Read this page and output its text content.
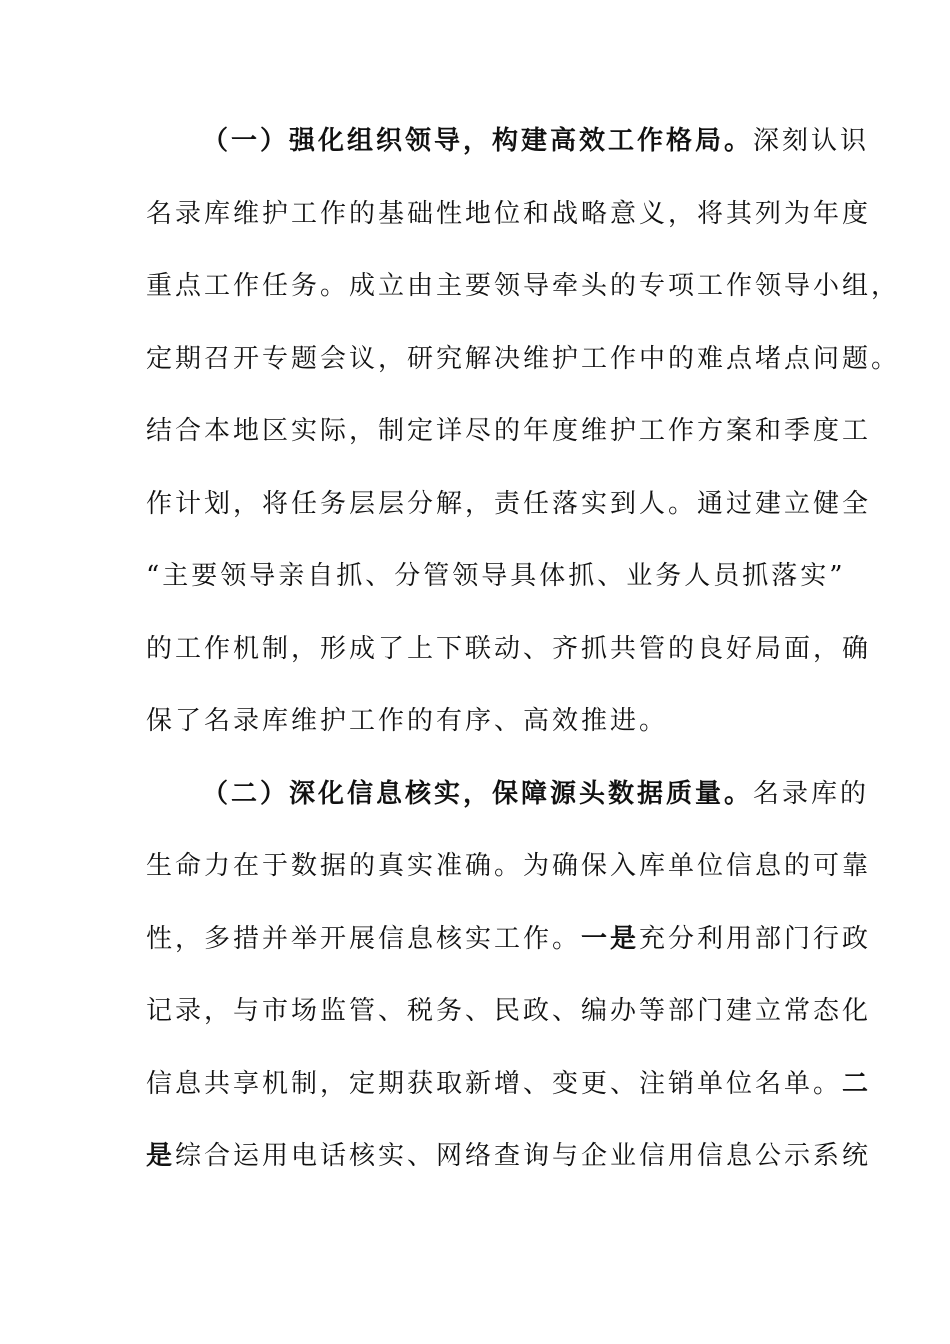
（一）强化组织领导，构建高效工作格局。深刻认识
名录库维护工作的基础性地位和战略意义，将其列为年度
重点工作任务。成立由主要领导牵头的专项工作领导小组，
定期召开专题会议，研究解决维护工作中的难点堵点问题。
结合本地区实际，制定详尽的年度维护工作方案和季度工
作计划，将任务层层分解，责任落实到人。通过建立健全
“主要领导亲自抓、分管领导具体抓、业务人员抓落实”
的工作机制，形成了上下联动、齐抓共管的良好局面，确
保了名录库维护工作的有序、高效推进。
（二）深化信息核实，保障源头数据质量。名录库的
生命力在于数据的真实准确。为确保入库单位信息的可靠
性，多措并举开展信息核实工作。一是充分利用部门行政
记录，与市场监管、税务、民政、编办等部门建立常态化
信息共享机制，定期获取新增、变更、注销单位名单。二
是综合运用电话核实、网络查询与企业信用信息公示系统
